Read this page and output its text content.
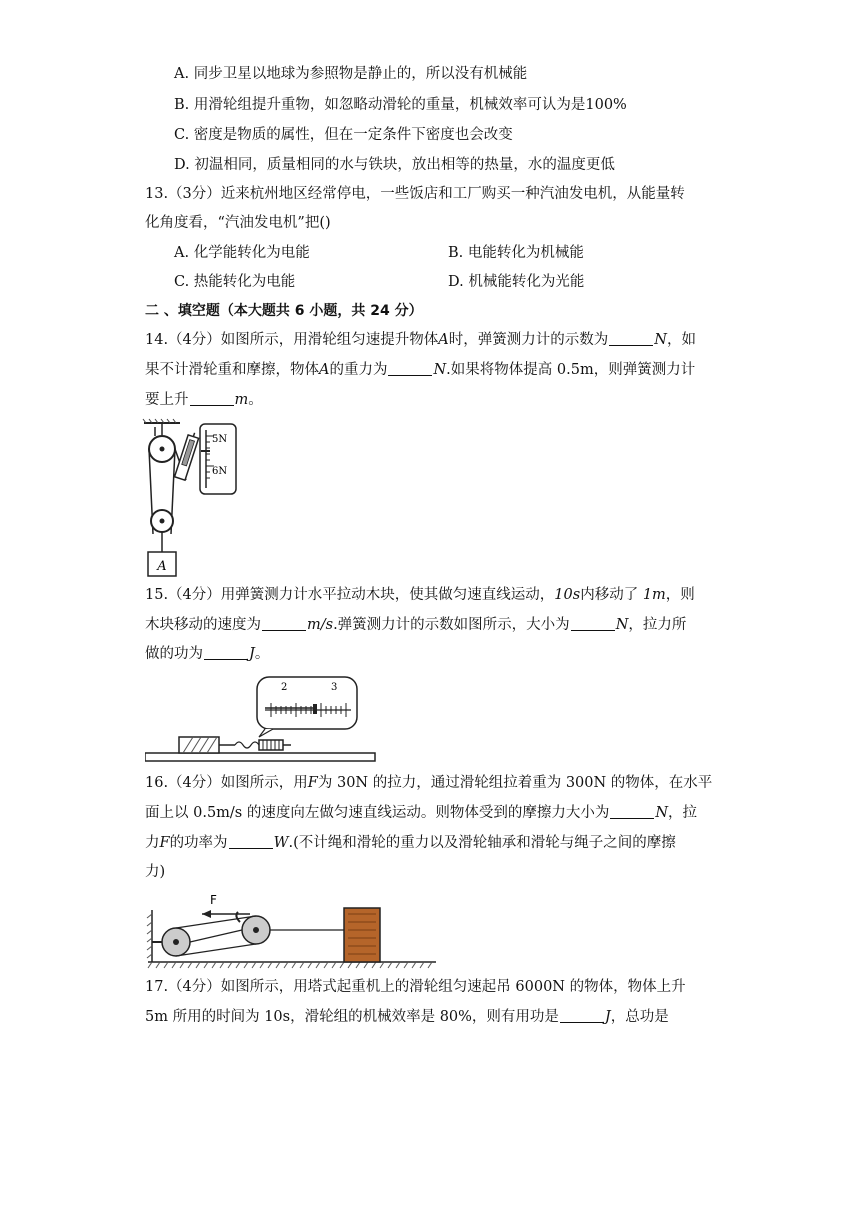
A. 同步卫星以地球为参照物是静止的，所以没有机械能
B. 用滑轮组提升重物，如忽略动滑轮的重量，机械效率可认为是100%
C. 密度是物质的属性，但在一定条件下密度也会改变
D. 初温相同，质量相同的水与铁块，放出相等的热量，水的温度更低
13.（3分）近来杭州地区经常停电，一些饭店和工厂购买一种汽油发电机，从能量转
化角度看，“汽油发电机”把()
A. 化学能转化为电能	B. 电能转化为机械能
C. 热能转化为电能	D. 机械能转化为光能
二 、填空题（本大题共 6 小题，共 24 分）
14.（4分）如图所示，用滑轮组匀速提升物体A时，弹簧测力计的示数为	N，如
果不计滑轮重和摩擦，物体A的重力为	N.如果将物体提高 0.5m，则弹簧测力计
要上升	m。
A
5N
6N
15.（4分）用弹簧测力计水平拉动木块，使其做匀速直线运动，10s内移动了 1m，则
木块移动的速度为	m/s.弹簧测力计的示数如图所示，大小为	N，拉力所
做的功为	J。
2	3
16.（4分）如图所示，用F为 30N 的拉力，通过滑轮组拉着重为 300N 的物体，在水平
面上以 0.5m/s 的速度向左做匀速直线运动。则物体受到的摩擦力大小为	N，拉
力F的功率为	W.(不计绳和滑轮的重力以及滑轮轴承和滑轮与绳子之间的摩擦
力)
F
17.（4分）如图所示，用塔式起重机上的滑轮组匀速起吊 6000N 的物体，物体上升
5m 所用的时间为 10s，滑轮组的机械效率是 80%，则有用功是	J，总功是
